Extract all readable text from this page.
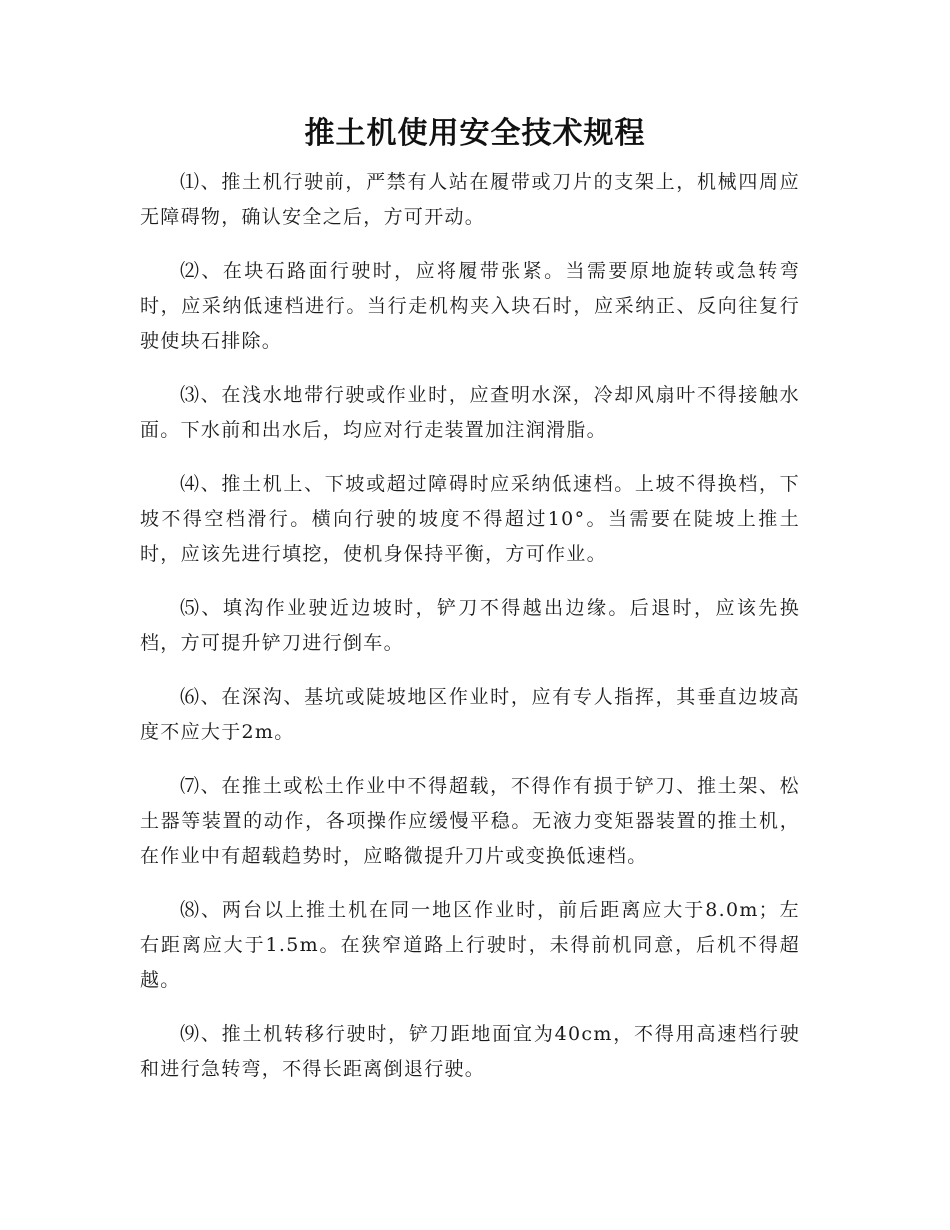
推土机使用安全技术规程

⑴、推土机行驶前，严禁有人站在履带或刀片的支架上，机械四周应无障碍物，确认安全之后，方可开动。

⑵、在块石路面行驶时，应将履带张紧。当需要原地旋转或急转弯时，应采纳低速档进行。当行走机构夹入块石时，应采纳正、反向往复行驶使块石排除。

⑶、在浅水地带行驶或作业时，应查明水深，冷却风扇叶不得接触水面。下水前和出水后，均应对行走装置加注润滑脂。

⑷、推土机上、下坡或超过障碍时应采纳低速档。上坡不得换档，下坡不得空档滑行。横向行驶的坡度不得超过10°。当需要在陡坡上推土时，应该先进行填挖，使机身保持平衡，方可作业。

⑸、填沟作业驶近边坡时，铲刀不得越出边缘。后退时，应该先换档，方可提升铲刀进行倒车。

⑹、在深沟、基坑或陡坡地区作业时，应有专人指挥，其垂直边坡高度不应大于2m。

⑺、在推土或松土作业中不得超载，不得作有损于铲刀、推土架、松土器等装置的动作，各项操作应缓慢平稳。无液力变矩器装置的推土机，在作业中有超载趋势时，应略微提升刀片或变换低速档。

⑻、两台以上推土机在同一地区作业时，前后距离应大于8.0m；左右距离应大于1.5m。在狭窄道路上行驶时，未得前机同意，后机不得超越。

⑼、推土机转移行驶时，铲刀距地面宜为40cm，不得用高速档行驶和进行急转弯，不得长距离倒退行驶。
